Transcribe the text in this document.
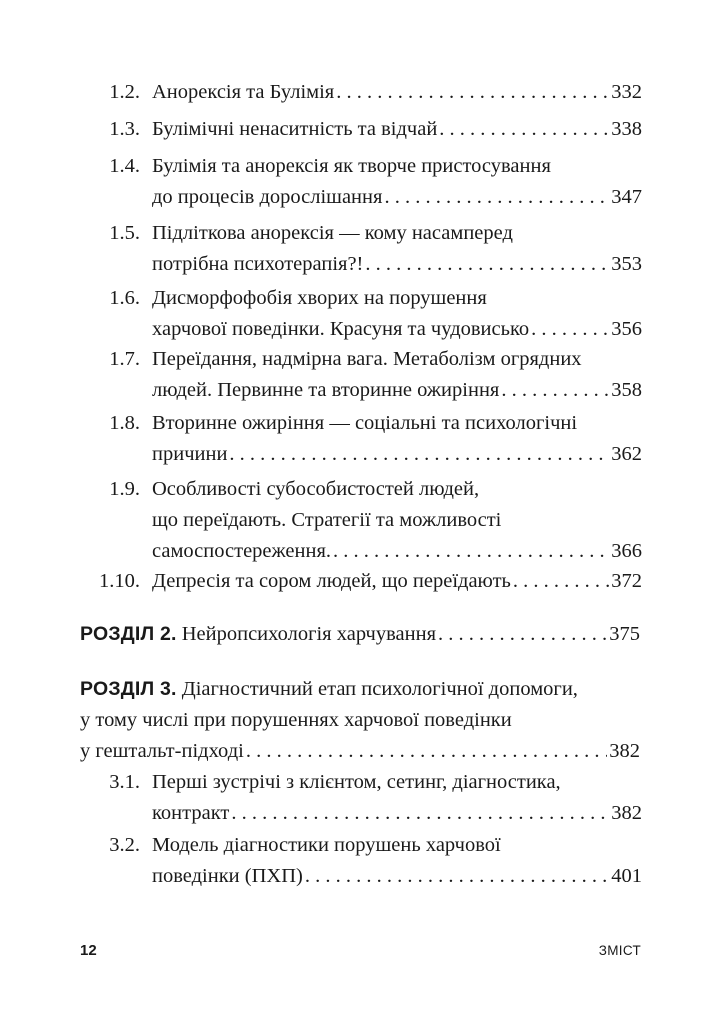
1.2. Анорексія та Булімія . . .	332
1.3. Булімічні ненаситність та відчай . . .	338
1.4. Булімія та анорексія як творче пристосування
до процесів дорослішання . . .	347
1.5. Підліткова анорексія — кому насамперед
потрібна психотерапія?! . . .	353
1.6. Дисморфофобія хворих на порушення
харчової поведінки. Красуня та чудовисько . . .	356
1.7. Переїдання, надмірна вага. Метаболізм огрядних
людей. Первинне та вторинне ожиріння . . .	358
1.8. Вторинне ожиріння — соціальні та психологічні
причини . . .	362
1.9. Особливості субособистостей людей,
що переїдають. Стратегії та можливості
самоспостереження. . . .	366
1.10. Депресія та сором людей, що переїдають . . .	372
РОЗДІЛ 2. Нейропсихологія харчування . . .	375
РОЗДІЛ 3. Діагностичний етап психологічної допомоги,
у тому числі при порушеннях харчової поведінки
у гештальт-підході . . .	382
3.1. Перші зустрічі з клієнтом, сетинг, діагностика,
контракт . . .	382
3.2. Модель діагностики порушень харчової
поведінки (ПХП) . . .	401
12	ЗМІСТ
